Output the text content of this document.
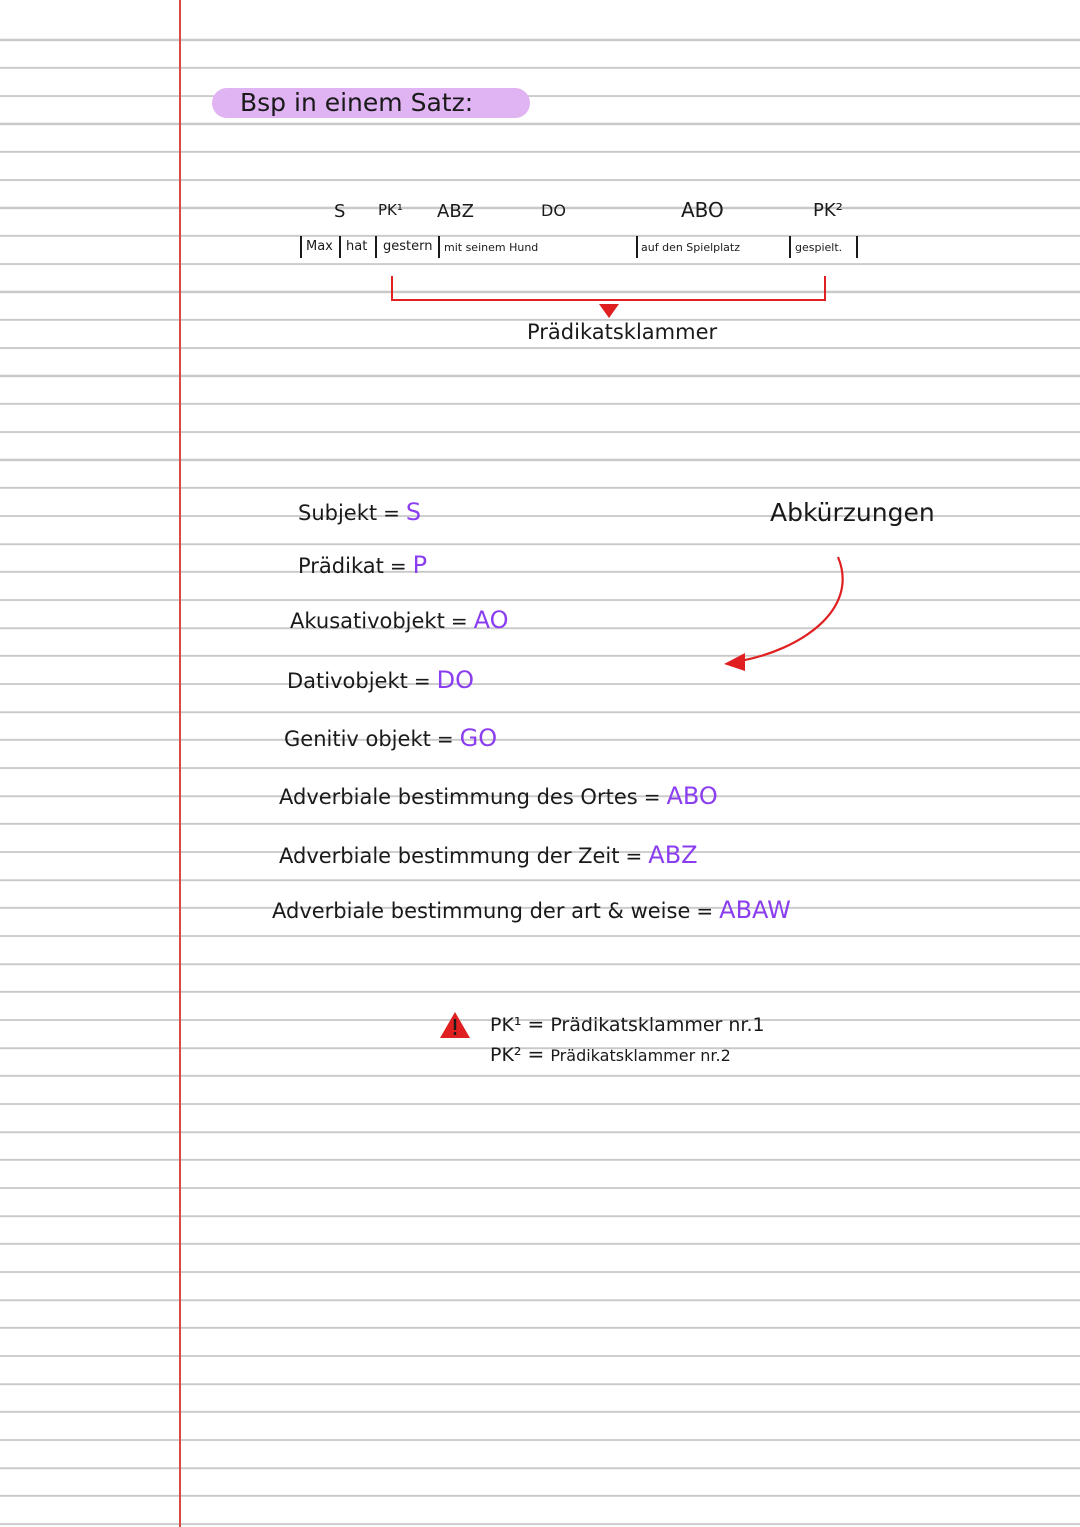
Bsp in einem Satz:
S PK¹ ABZ	DO	ABO	PK²
Max hat gestern mit seinem Hund	auf den Spielplatz	gespielt.
Prädikatsklammer
Abkürzungen
Subjekt = S
Prädikat = P
Akusativobjekt = AO
Dativobjekt = DO
Genitiv objekt = GO
Adverbiale bestimmung des Ortes = ABO
Adverbiale bestimmung der Zeit = ABZ
Adverbiale bestimmung der art & weise = ABAW
PK¹ = Prädikatsklammer nr.1
PK² = Prädikatsklammer nr.2
